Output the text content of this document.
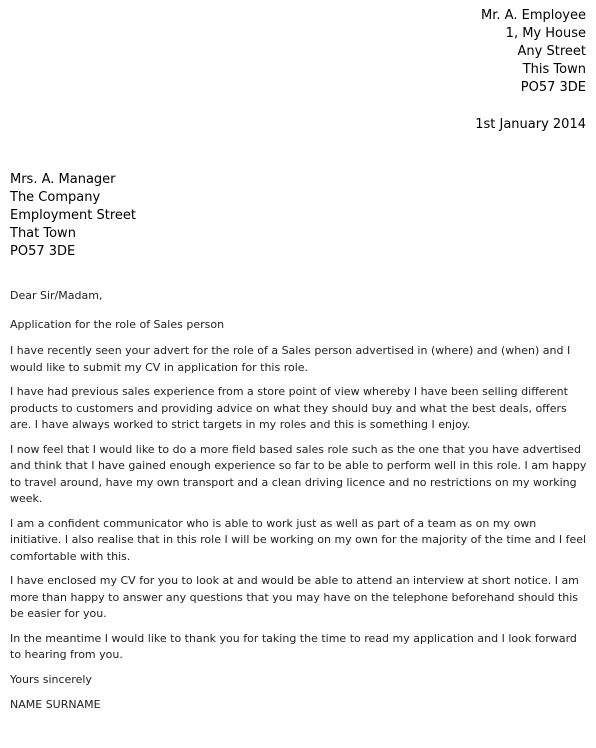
Mr. A. Employee
1, My House
Any Street
This Town
PO57 3DE
1st January 2014
Mrs. A. Manager
The Company
Employment Street
That Town
PO57 3DE

Dear Sir/Madam,

Application for the role of Sales person

I have recently seen your advert for the role of a Sales person advertised in (where) and (when) and I would like to submit my CV in application for this role.

I have had previous sales experience from a store point of view whereby I have been selling different products to customers and providing advice on what they should buy and what the best deals, offers are. I have always worked to strict targets in my roles and this is something I enjoy.

I now feel that I would like to do a more field based sales role such as the one that you have advertised and think that I have gained enough experience so far to be able to perform well in this role. I am happy to travel around, have my own transport and a clean driving licence and no restrictions on my working week.

I am a confident communicator who is able to work just as well as part of a team as on my own initiative. I also realise that in this role I will be working on my own for the majority of the time and I feel comfortable with this.

I have enclosed my CV for you to look at and would be able to attend an interview at short notice. I am more than happy to answer any questions that you may have on the telephone beforehand should this be easier for you.

In the meantime I would like to thank you for taking the time to read my application and I look forward to hearing from you.

Yours sincerely

NAME SURNAME
